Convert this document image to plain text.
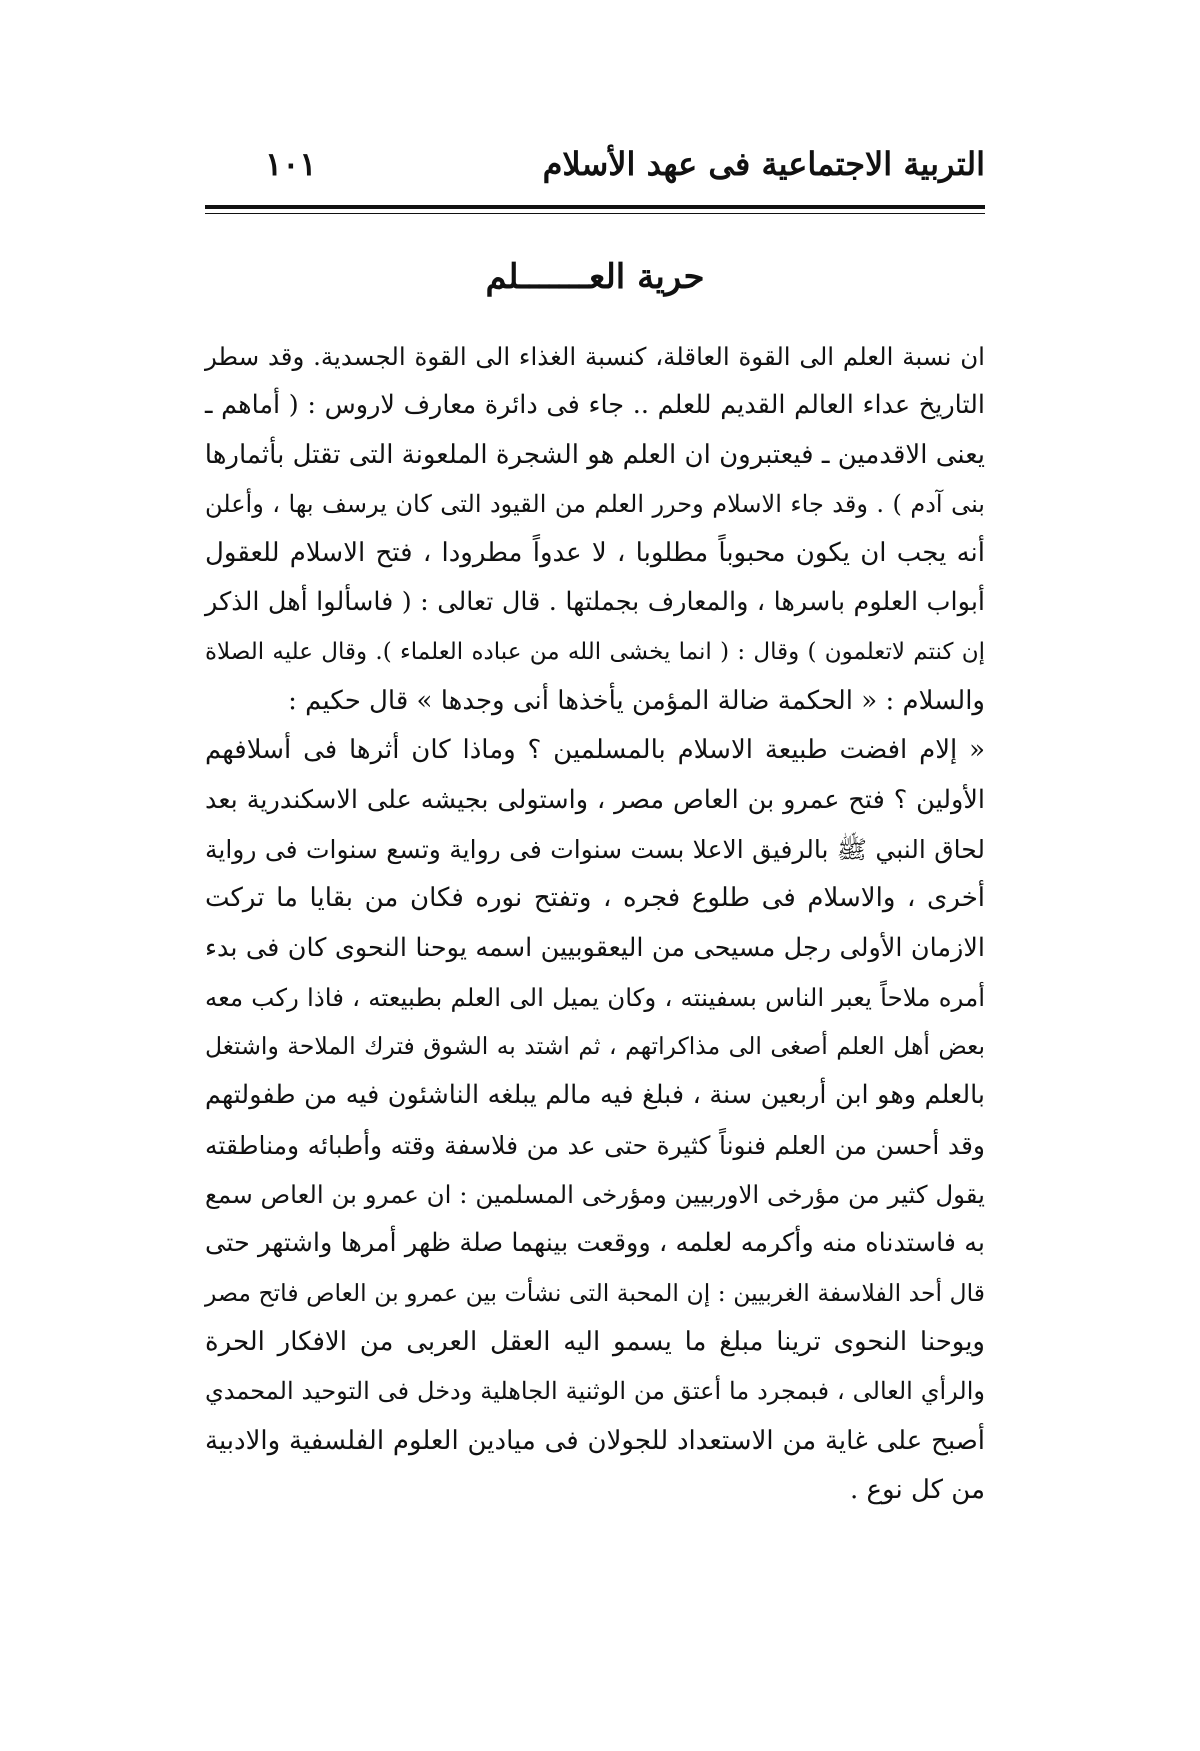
التربية الاجتماعية فى عهد الأسلام
١٠١
حرية العـــــــلم
ان نسبة العلم الى القوة العاقلة، كنسبة الغذاء الى القوة الجسدية. وقد سطر
التاريخ عداء العالم القديم للعلم .. جاء فى دائرة معارف لاروس : ( أماهم ـ
يعنى الاقدمين ـ فيعتبرون ان العلم هو الشجرة الملعونة التى تقتل بأثمارها
بنى آدم ) . وقد جاء الاسلام وحرر العلم من القيود التى كان يرسف بها ، وأعلن
أنه يجب ان يكون محبوباً مطلوبا ، لا عدواً مطرودا ، فتح الاسلام للعقول
أبواب العلوم باسرها ، والمعارف بجملتها . قال تعالى : ( فاسألوا أهل الذكر
إن كنتم لاتعلمون ) وقال : ( انما يخشى الله من عباده العلماء ). وقال عليه الصلاة
والسلام : « الحكمة ضالة المؤمن يأخذها أنى وجدها » قال حكيم :
« إلام افضت طبيعة الاسلام بالمسلمين ؟ وماذا كان أثرها فى أسلافهم
الأولين ؟ فتح عمرو بن العاص مصر ، واستولى بجيشه على الاسكندرية بعد
لحاق النبي ﷺ بالرفيق الاعلا بست سنوات فى رواية وتسع سنوات فى رواية
أخرى ، والاسلام فى طلوع فجره ، وتفتح نوره فكان من بقايا ما تركت
الازمان الأولى رجل مسيحى من اليعقوبيين اسمه يوحنا النحوى كان فى بدء
أمره ملاحاً يعبر الناس بسفينته ، وكان يميل الى العلم بطبيعته ، فاذا ركب معه
بعض أهل العلم أصغى الى مذاكراتهم ، ثم اشتد به الشوق فترك الملاحة واشتغل
بالعلم وهو ابن أربعين سنة ، فبلغ فيه مالم يبلغه الناشئون فيه من طفولتهم
وقد أحسن من العلم فنوناً كثيرة حتى عد من فلاسفة وقته وأطبائه ومناطقته
يقول كثير من مؤرخى الاوربيين ومؤرخى المسلمين : ان عمرو بن العاص سمع
به فاستدناه منه وأكرمه لعلمه ، ووقعت بينهما صلة ظهر أمرها واشتهر حتى
قال أحد الفلاسفة الغربيين : إن المحبة التى نشأت بين عمرو بن العاص فاتح مصر
ويوحنا النحوى ترينا مبلغ ما يسمو اليه العقل العربى من الافكار الحرة
والرأي العالى ، فبمجرد ما أعتق من الوثنية الجاهلية ودخل فى التوحيد المحمدي
أصبح على غاية من الاستعداد للجولان فى ميادين العلوم الفلسفية والادبية
من كل نوع .
